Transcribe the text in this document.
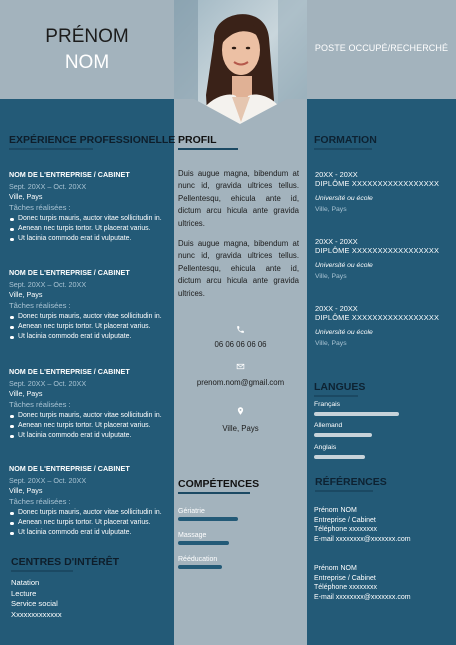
PRÉNOM
NOM
POSTE OCCUPÉ/RECHERCHÉ
EXPÉRIENCE PROFESSIONELLE
NOM DE L'ENTREPRISE / CABINET
Sept. 20XX – Oct. 20XX
Ville, Pays
Tâches réalisées :
Donec turpis mauris, auctor vitae sollicitudin in.
Aenean nec turpis tortor. Ut placerat varius.
Ut lacinia commodo erat id vulputate.
NOM DE L'ENTREPRISE / CABINET
Sept. 20XX – Oct. 20XX
Ville, Pays
Tâches réalisées :
Donec turpis mauris, auctor vitae sollicitudin in.
Aenean nec turpis tortor. Ut placerat varius.
Ut lacinia commodo erat id vulputate.
NOM DE L'ENTREPRISE / CABINET
Sept. 20XX – Oct. 20XX
Ville, Pays
Tâches réalisées :
Donec turpis mauris, auctor vitae sollicitudin in.
Aenean nec turpis tortor. Ut placerat varius.
Ut lacinia commodo erat id vulputate.
NOM DE L'ENTREPRISE / CABINET
Sept. 20XX – Oct. 20XX
Ville, Pays
Tâches réalisées :
Donec turpis mauris, auctor vitae sollicitudin in.
Aenean nec turpis tortor. Ut placerat varius.
Ut lacinia commodo erat id vulputate.
CENTRES D'INTÉRÊT
Natation
Lecture
Service social
Xxxxxxxxxxxxx
PROFIL
Duis augue magna, bibendum at nunc id, gravida ultrices tellus. Pellentesqu, ehicula ante id, dictum arcu hicula ante gravida ultrices.
Duis augue magna, bibendum at nunc id, gravida ultrices tellus. Pellentesqu, ehicula ante id, dictum arcu hicula ante gravida ultrices.
06 06 06 06 06
prenom.nom@gmail.com
Ville, Pays
COMPÉTENCES
Gériatrie
Massage
Rééducation
FORMATION
20XX - 20XX
DIPLÔME XXXXXXXXXXXXXXXXX
Université ou école
Ville, Pays
20XX - 20XX
DIPLÔME XXXXXXXXXXXXXXXXX
Université ou école
Ville, Pays
20XX - 20XX
DIPLÔME XXXXXXXXXXXXXXXXX
Université ou école
Ville, Pays
LANGUES
Français
Allemand
Anglais
RÉFÉRENCES
Prénom NOM
Entreprise / Cabinet
Téléphone xxxxxxxx
E-mail xxxxxxxx@xxxxxxx.com
Prénom NOM
Entreprise / Cabinet
Téléphone xxxxxxxx
E-mail xxxxxxxx@xxxxxxx.com
